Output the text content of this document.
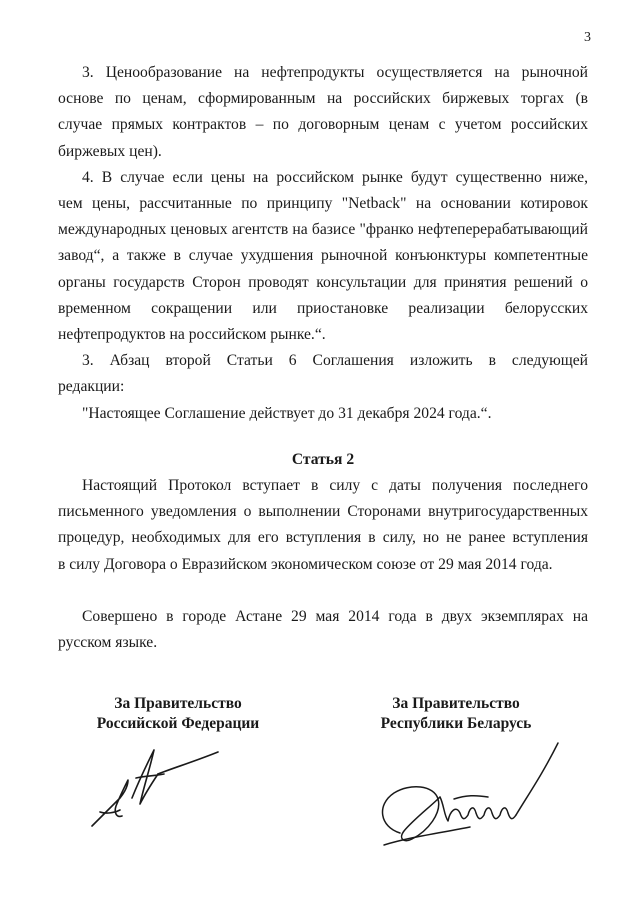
3

3. Ценообразование на нефтепродукты осуществляется на рыночной
основе по ценам, сформированным на российских биржевых торгах (в
случае прямых контрактов – по договорным ценам с учетом российских
биржевых цен).

4. В случае если цены на российском рынке будут существенно ниже,
чем цены, рассчитанные по принципу "Netback" на основании котировок
международных ценовых агентств на базисе "франко нефтеперерабатывающий
завод“, а также в случае ухудшения рыночной конъюнктуры компетентные
органы государств Сторон проводят консультации для принятия решений о
временном сокращении или приостановке реализации белорусских
нефтепродуктов на российском рынке.“.

3. Абзац второй Статьи 6 Соглашения изложить в следующей
редакции:

"Настоящее Соглашение действует до 31 декабря 2024 года.“.

Статья 2

Настоящий Протокол вступает в силу с даты получения последнего
письменного уведомления о выполнении Сторонами внутригосударственных
процедур, необходимых для его вступления в силу, но не ранее вступления
в силу Договора о Евразийском экономическом союзе от 29 мая 2014 года.

Совершено в городе Астане 29 мая 2014 года в двух экземплярах на
русском языке.

За Правительство
Российской Федерации
За Правительство
Республики Беларусь
